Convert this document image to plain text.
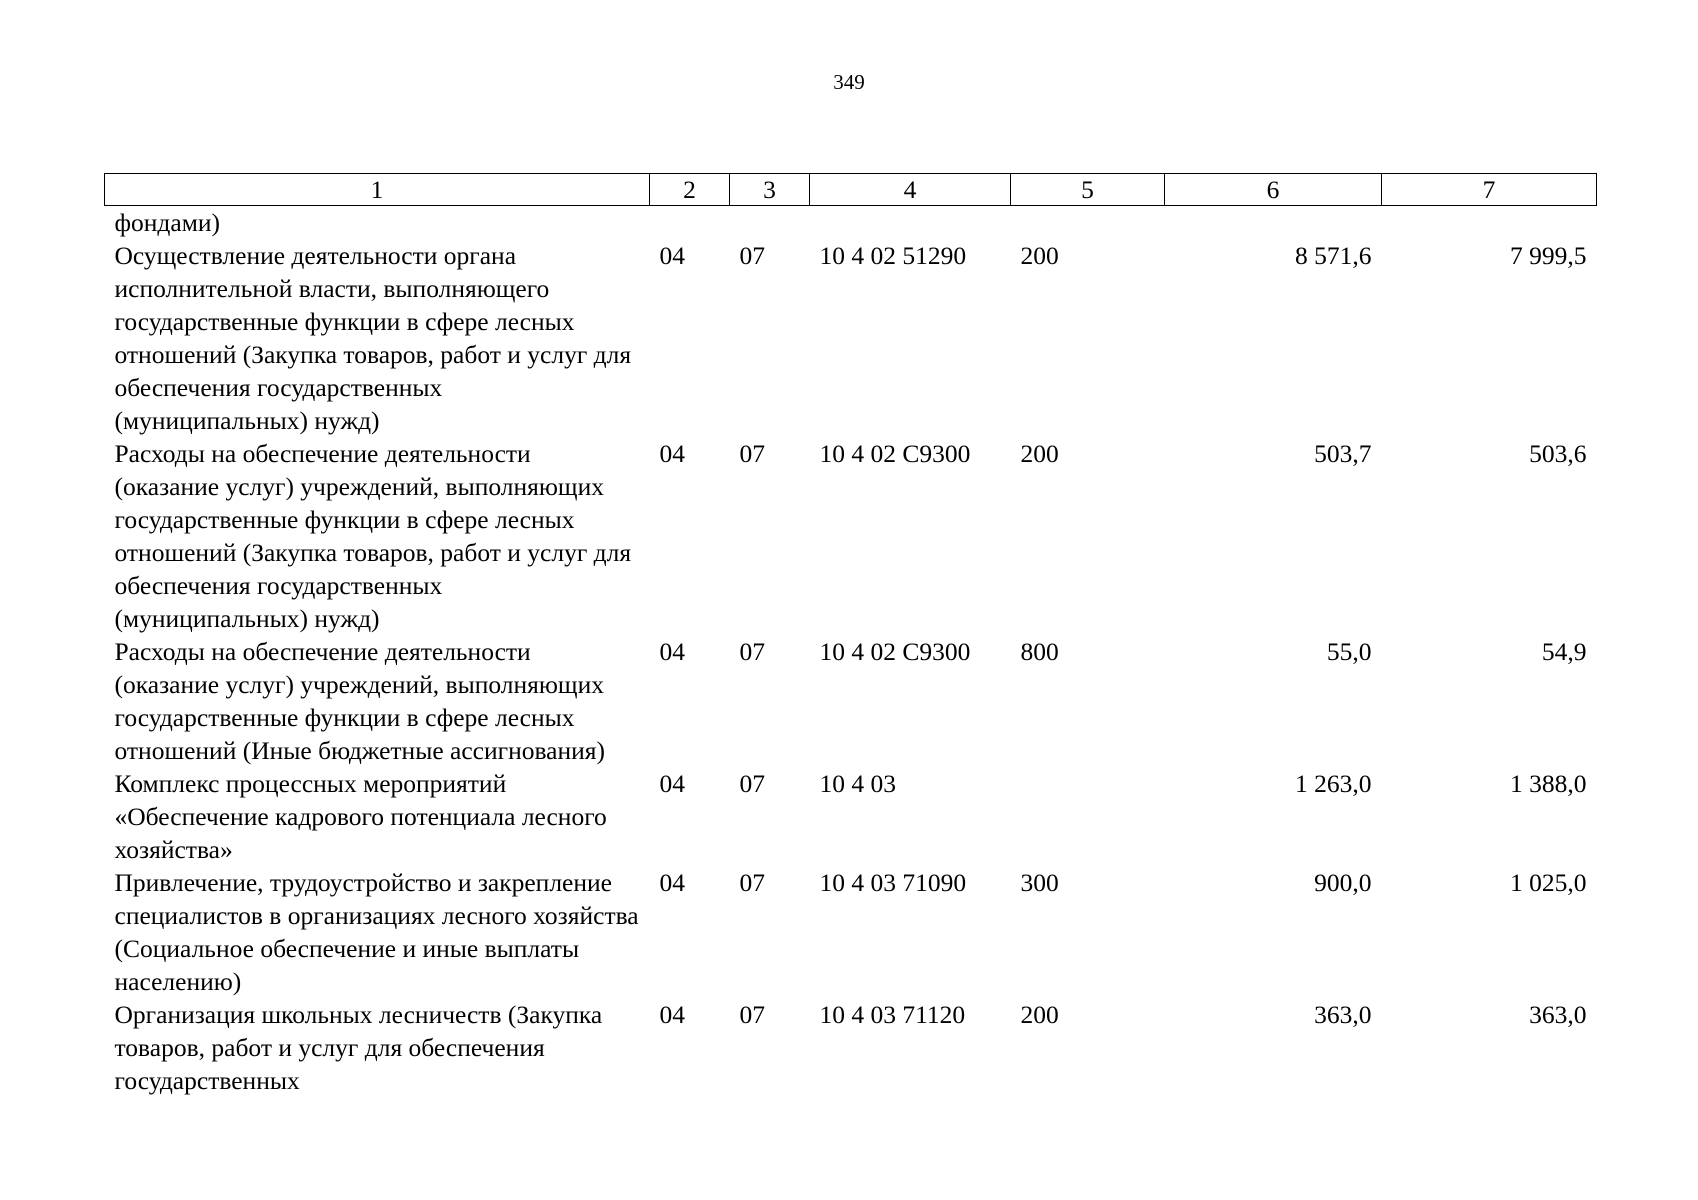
349
1	2	3	4	5	6	7
фондами)						
Осуществление деятельности органа исполнительной власти, выполняющего государственные функции в сфере лесных отношений (Закупка товаров, работ и услуг для обеспечения государственных (муниципальных) нужд)	04	07	10 4 02 51290	200	8 571,6	7 999,5
Расходы на обеспечение деятельности (оказание услуг) учреждений, выполняющих государственные функции в сфере лесных отношений (Закупка товаров, работ и услуг для обеспечения государственных (муниципальных) нужд)	04	07	10 4 02 С9300	200	503,7	503,6
Расходы на обеспечение деятельности (оказание услуг) учреждений, выполняющих государственные функции в сфере лесных отношений (Иные бюджетные ассигнования)	04	07	10 4 02 С9300	800	55,0	54,9
Комплекс процессных мероприятий «Обеспечение кадрового потенциала лесного хозяйства»	04	07	10 4 03		1 263,0	1 388,0
Привлечение, трудоустройство и закрепление специалистов в организациях лесного хозяйства (Социальное обеспечение и иные выплаты населению)	04	07	10 4 03 71090	300	900,0	1 025,0
Организация школьных лесничеств (Закупка товаров, работ и услуг для обеспечения государственных	04	07	10 4 03 71120	200	363,0	363,0
